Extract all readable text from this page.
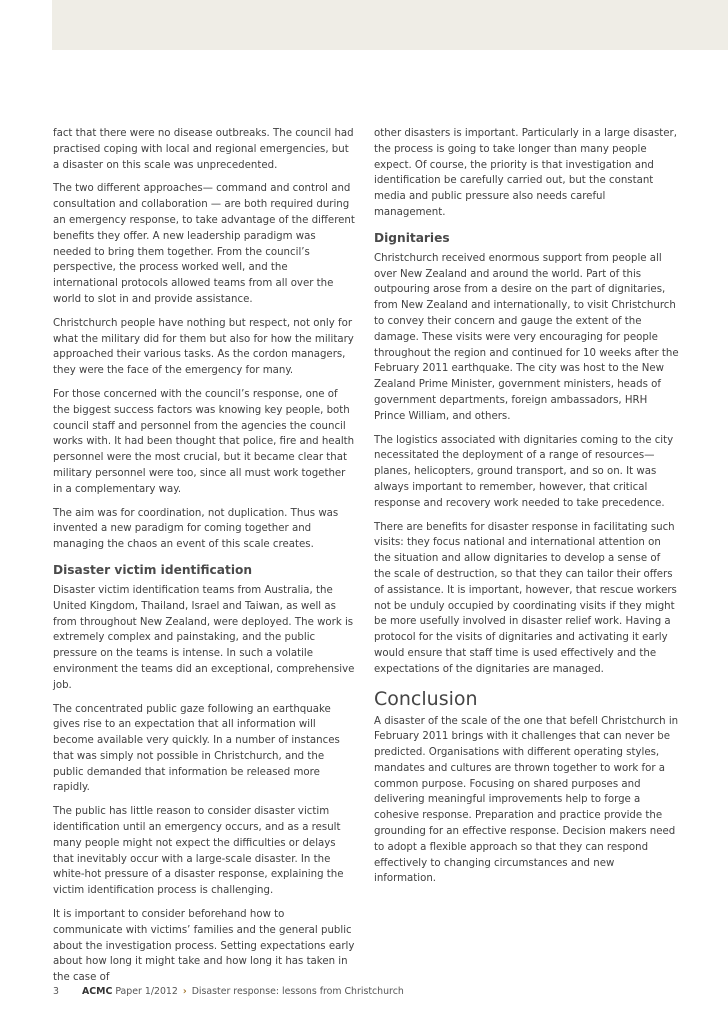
fact that there were no disease outbreaks. The council had practised coping with local and regional emergencies, but a disaster on this scale was unprecedented.

The two different approaches— command and control and consultation and collaboration — are both required during an emergency response, to take advantage of the different benefits they offer. A new leadership paradigm was needed to bring them together. From the council’s perspective, the process worked well, and the international protocols allowed teams from all over the world to slot in and provide assistance.

Christchurch people have nothing but respect, not only for what the military did for them but also for how the military approached their various tasks. As the cordon managers, they were the face of the emergency for many.

For those concerned with the council’s response, one of the biggest success factors was knowing key people, both council staff and personnel from the agencies the council works with. It had been thought that police, fire and health personnel were the most crucial, but it became clear that military personnel were too, since all must work together in a complementary way.

The aim was for coordination, not duplication. Thus was invented a new paradigm for coming together and managing the chaos an event of this scale creates.

Disaster victim identification

Disaster victim identification teams from Australia, the United Kingdom, Thailand, Israel and Taiwan, as well as from throughout New Zealand, were deployed. The work is extremely complex and painstaking, and the public pressure on the teams is intense. In such a volatile environment the teams did an exceptional, comprehensive job.

The concentrated public gaze following an earthquake gives rise to an expectation that all information will become available very quickly. In a number of instances that was simply not possible in Christchurch, and the public demanded that information be released more rapidly.

The public has little reason to consider disaster victim identification until an emergency occurs, and as a result many people might not expect the difficulties or delays that inevitably occur with a large-scale disaster. In the white-hot pressure of a disaster response, explaining the victim identification process is challenging.

It is important to consider beforehand how to communicate with victims’ families and the general public about the investigation process. Setting expectations early about how long it might take and how long it has taken in the case of

other disasters is important. Particularly in a large disaster, the process is going to take longer than many people expect. Of course, the priority is that investigation and identification be carefully carried out, but the constant media and public pressure also needs careful management.

Dignitaries

Christchurch received enormous support from people all over New Zealand and around the world. Part of this outpouring arose from a desire on the part of dignitaries, from New Zealand and internationally, to visit Christchurch to convey their concern and gauge the extent of the damage. These visits were very encouraging for people throughout the region and continued for 10 weeks after the February 2011 earthquake. The city was host to the New Zealand Prime Minister, government ministers, heads of government departments, foreign ambassadors, HRH Prince William, and others.

The logistics associated with dignitaries coming to the city necessitated the deployment of a range of resources— planes, helicopters, ground transport, and so on. It was always important to remember, however, that critical response and recovery work needed to take precedence.

There are benefits for disaster response in facilitating such visits: they focus national and international attention on the situation and allow dignitaries to develop a sense of the scale of destruction, so that they can tailor their offers of assistance. It is important, however, that rescue workers not be unduly occupied by coordinating visits if they might be more usefully involved in disaster relief work. Having a protocol for the visits of dignitaries and activating it early would ensure that staff time is used effectively and the expectations of the dignitaries are managed.

Conclusion

A disaster of the scale of the one that befell Christchurch in February 2011 brings with it challenges that can never be predicted. Organisations with different operating styles, mandates and cultures are thrown together to work for a common purpose. Focusing on shared purposes and delivering meaningful improvements help to forge a cohesive response. Preparation and practice provide the grounding for an effective response. Decision makers need to adopt a flexible approach so that they can respond effectively to changing circumstances and new information.

3 ACMC Paper 1/2012 › Disaster response: lessons from Christchurch
